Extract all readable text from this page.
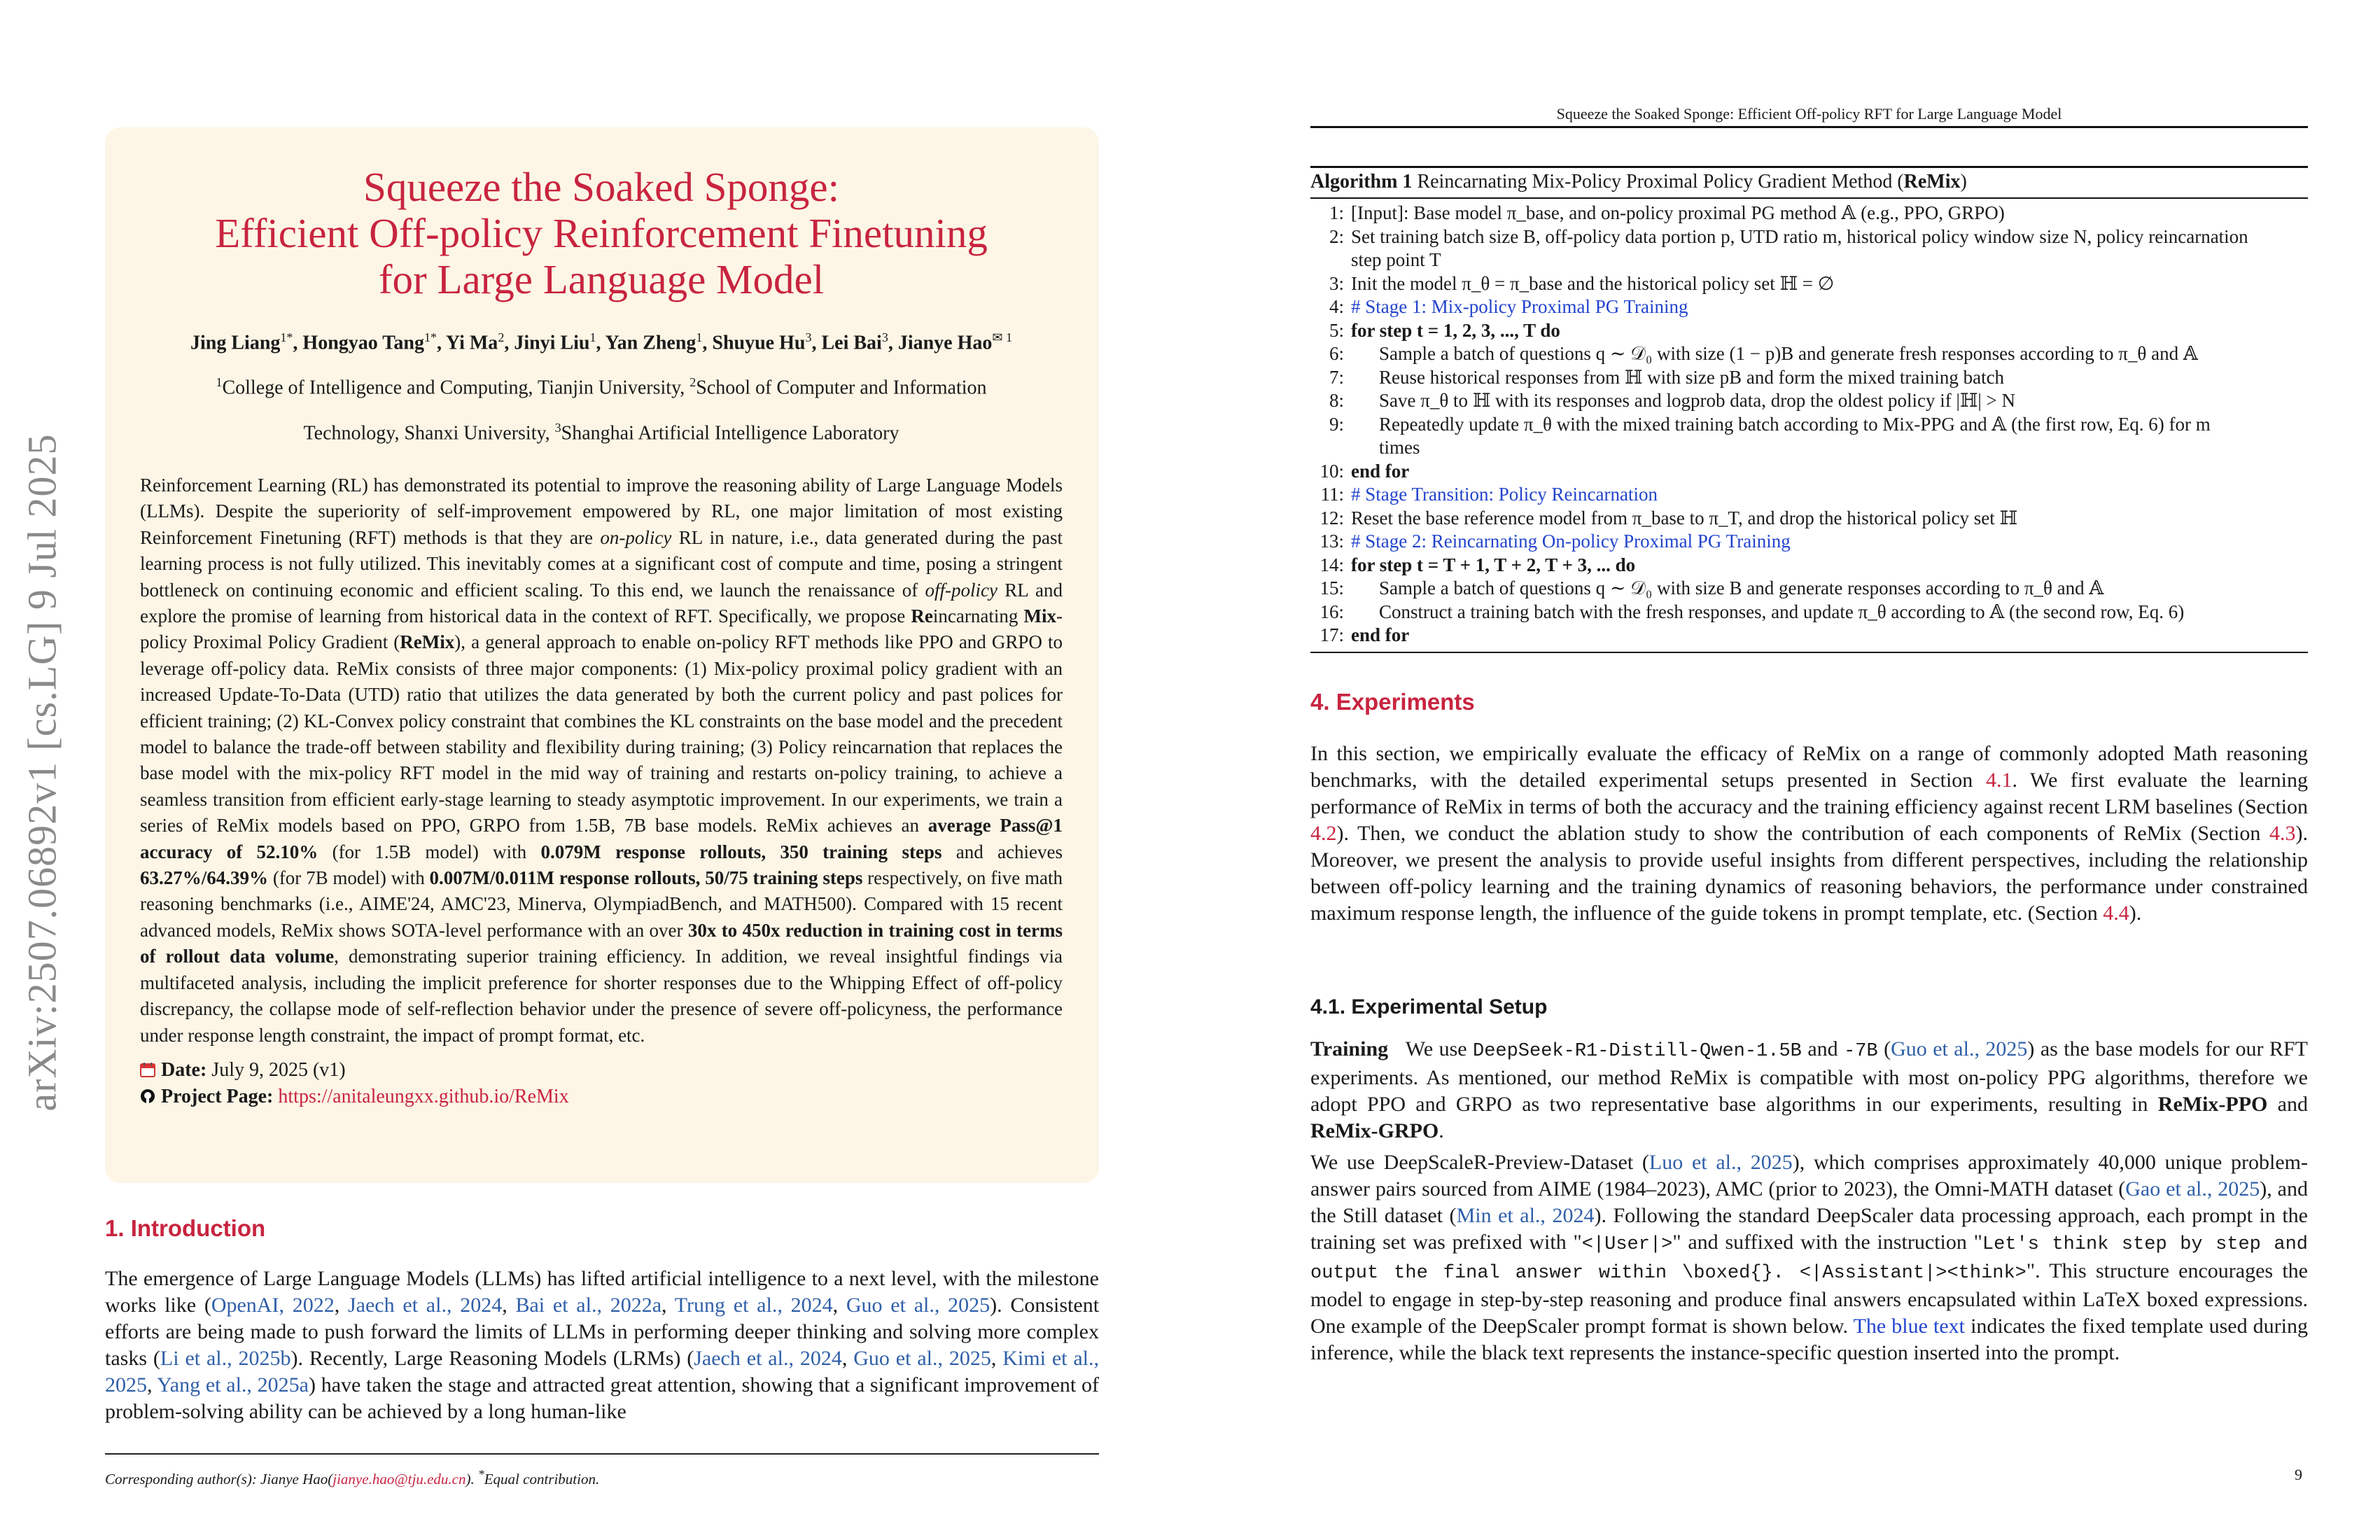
arXiv:2507.06892v1 [cs.LG] 9 Jul 2025
Squeeze the Soaked Sponge:
Efficient Off-policy Reinforcement Finetuning
for Large Language Model
Jing Liang$^{1*}$, Hongyao Tang$^{1*}$, Yi Ma$^2$, Jinyi Liu$^1$, Yan Zheng$^1$, Shuyue Hu$^3$, Lei Bai$^3$, Jianye Hao$^{✉ 1}$
$^1$College of Intelligence and Computing, Tianjin University, $^2$School of Computer and Information
Technology, Shanxi University, $^3$Shanghai Artificial Intelligence Laboratory
Reinforcement Learning (RL) has demonstrated its potential to improve the reasoning ability of Large Language Models (LLMs). Despite the superiority of self-improvement empowered by RL, one major limitation of most existing Reinforcement Finetuning (RFT) methods is that they are on-policy RL in nature, i.e., data generated during the past learning process is not fully utilized. This inevitably comes at a significant cost of compute and time, posing a stringent bottleneck on continuing economic and efficient scaling. To this end, we launch the renaissance of off-policy RL and explore the promise of learning from historical data in the context of RFT. Specifically, we propose Reincarnating Mix-policy Proximal Policy Gradient (ReMix), a general approach to enable on-policy RFT methods like PPO and GRPO to leverage off-policy data. ReMix consists of three major components: (1) Mix-policy proximal policy gradient with an increased Update-To-Data (UTD) ratio that utilizes the data generated by both the current policy and past polices for efficient training; (2) KL-Convex policy constraint that combines the KL constraints on the base model and the precedent model to balance the trade-off between stability and flexibility during training; (3) Policy reincarnation that replaces the base model with the mix-policy RFT model in the mid way of training and restarts on-policy training, to achieve a seamless transition from efficient early-stage learning to steady asymptotic improvement. In our experiments, we train a series of ReMix models based on PPO, GRPO from 1.5B, 7B base models. ReMix achieves an average Pass@1 accuracy of 52.10% (for 1.5B model) with 0.079M response rollouts, 350 training steps and achieves 63.27%/64.39% (for 7B model) with 0.007M/0.011M response rollouts, 50/75 training steps respectively, on five math reasoning benchmarks (i.e., AIME'24, AMC'23, Minerva, OlympiadBench, and MATH500). Compared with 15 recent advanced models, ReMix shows SOTA-level performance with an over 30x to 450x reduction in training cost in terms of rollout data volume, demonstrating superior training efficiency. In addition, we reveal insightful findings via multifaceted analysis, including the implicit preference for shorter responses due to the Whipping Effect of off-policy discrepancy, the collapse mode of self-reflection behavior under the presence of severe off-policyness, the performance under response length constraint, the impact of prompt format, etc.
Date: July 9, 2025 (v1)
Project Page: https://anitaleungxx.github.io/ReMix
1. Introduction
The emergence of Large Language Models (LLMs) has lifted artificial intelligence to a next level, with the milestone works like (OpenAI, 2022, Jaech et al., 2024, Bai et al., 2022a, Trung et al., 2024, Guo et al., 2025). Consistent efforts are being made to push forward the limits of LLMs in performing deeper thinking and solving more complex tasks (Li et al., 2025b). Recently, Large Reasoning Models (LRMs) (Jaech et al., 2024, Guo et al., 2025, Kimi et al., 2025, Yang et al., 2025a) have taken the stage and attracted great attention, showing that a significant improvement of problem-solving ability can be achieved by a long human-like
Corresponding author(s): Jianye Hao(jianye.hao@tju.edu.cn). *Equal contribution.
Squeeze the Soaked Sponge: Efficient Off-policy RFT for Large Language Model
Algorithm 1 Reincarnating Mix-Policy Proximal Policy Gradient Method (ReMix)
1: [Input]: Base model π_base, and on-policy proximal PG method 𝔸 (e.g., PPO, GRPO)
2: Set training batch size B, off-policy data portion p, UTD ratio m, historical policy window size N, policy reincarnation
step point T
3: Init the model π_θ = π_base and the historical policy set ℍ = ∅
4: # Stage 1: Mix-policy Proximal PG Training
5: for step t = 1, 2, 3, ..., T do
6:	Sample a batch of questions q ∼ 𝒟₀ with size (1 − p)B and generate fresh responses according to π_θ and 𝔸
7:	Reuse historical responses from ℍ with size pB and form the mixed training batch
8:	Save π_θ to ℍ with its responses and logprob data, drop the oldest policy if |ℍ| > N
9:	Repeatedly update π_θ with the mixed training batch according to Mix-PPG and 𝔸 (the first row, Eq. 6) for m
times
10: end for
11: # Stage Transition: Policy Reincarnation
12: Reset the base reference model from π_base to π_T, and drop the historical policy set ℍ
13: # Stage 2: Reincarnating On-policy Proximal PG Training
14: for step t = T + 1, T + 2, T + 3, ... do
15:	Sample a batch of questions q ∼ 𝒟₀ with size B and generate responses according to π_θ and 𝔸
16:	Construct a training batch with the fresh responses, and update π_θ according to 𝔸 (the second row, Eq. 6)
17: end for
4. Experiments
In this section, we empirically evaluate the efficacy of ReMix on a range of commonly adopted Math reasoning benchmarks, with the detailed experimental setups presented in Section 4.1. We first evaluate the learning performance of ReMix in terms of both the accuracy and the training efficiency against recent LRM baselines (Section 4.2). Then, we conduct the ablation study to show the contribution of each components of ReMix (Section 4.3). Moreover, we present the analysis to provide useful insights from different perspectives, including the relationship between off-policy learning and the training dynamics of reasoning behaviors, the performance under constrained maximum response length, the influence of the guide tokens in prompt template, etc. (Section 4.4).
4.1. Experimental Setup
Training We use DeepSeek-R1-Distill-Qwen-1.5B and -7B (Guo et al., 2025) as the base models for our RFT experiments. As mentioned, our method ReMix is compatible with most on-policy PPG algorithms, therefore we adopt PPO and GRPO as two representative base algorithms in our experiments, resulting in ReMix-PPO and ReMix-GRPO.
We use DeepScaleR-Preview-Dataset (Luo et al., 2025), which comprises approximately 40,000 unique problem-answer pairs sourced from AIME (1984–2023), AMC (prior to 2023), the Omni-MATH dataset (Gao et al., 2025), and the Still dataset (Min et al., 2024). Following the standard DeepScaler data processing approach, each prompt in the training set was prefixed with "<|User|>" and suffixed with the instruction "Let's think step by step and output the final answer within \boxed{}. <|Assistant|><think>". This structure encourages the model to engage in step-by-step reasoning and produce final answers encapsulated within LaTeX boxed expressions. One example of the DeepScaler prompt format is shown below. The blue text indicates the fixed template used during inference, while the black text represents the instance-specific question inserted into the prompt.
9
